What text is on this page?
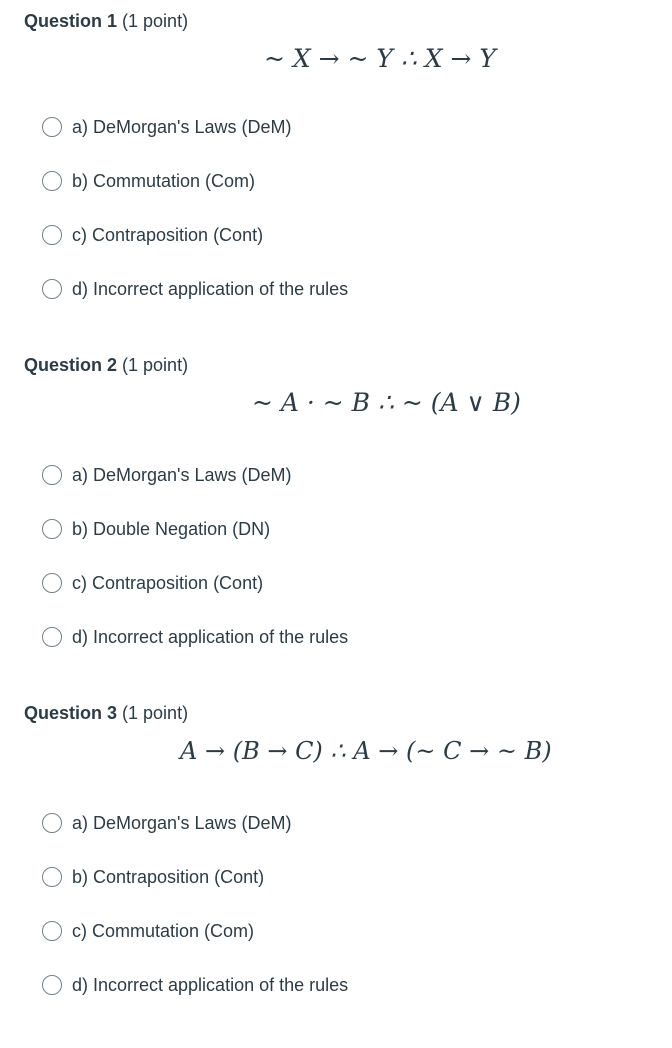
Question 1 (1 point)
~ X → ~ Y ∴ X → Y
a) DeMorgan's Laws (DeM)
b) Commutation (Com)
c) Contraposition (Cont)
d) Incorrect application of the rules
Question 2 (1 point)
~ A · ~ B ∴ ~ (A ∨ B)
a) DeMorgan's Laws (DeM)
b) Double Negation (DN)
c) Contraposition (Cont)
d) Incorrect application of the rules
Question 3 (1 point)
A → (B → C) ∴ A → (~ C → ~ B)
a) DeMorgan's Laws (DeM)
b) Contraposition (Cont)
c) Commutation (Com)
d) Incorrect application of the rules
